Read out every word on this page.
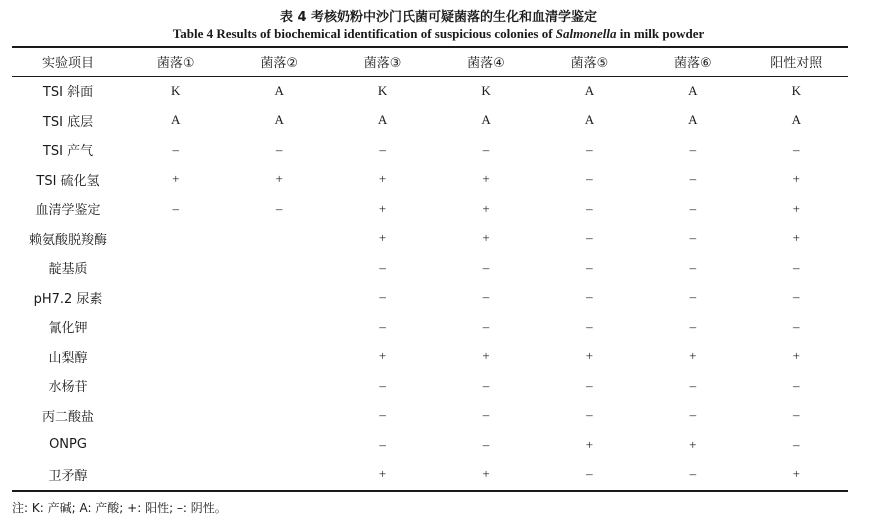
表 4 考核奶粉中沙门氏菌可疑菌落的生化和血清学鉴定
Table 4 Results of biochemical identification of suspicious colonies of Salmonella in milk powder
实验项目	菌落①	菌落②	菌落③	菌落④	菌落⑤	菌落⑥	阳性对照
TSI 斜面	K	A	K	K	A	A	K
TSI 底层	A	A	A	A	A	A	A
TSI 产气	–	–	–	–	–	–	–
TSI 硫化氢	+	+	+	+	–	–	+
血清学鉴定	–	–	+	+	–	–	+
赖氨酸脱羧酶			+	+	–	–	+
靛基质			–	–	–	–	–
pH7.2 尿素			–	–	–	–	–
氰化钾			–	–	–	–	–
山梨醇			+	+	+	+	+
水杨苷			–	–	–	–	–
丙二酸盐			–	–	–	–	–
ONPG			–	–	+	+	–
卫矛醇			+	+	–	–	+
注: K: 产碱; A: 产酸; +: 阳性; –: 阴性。
